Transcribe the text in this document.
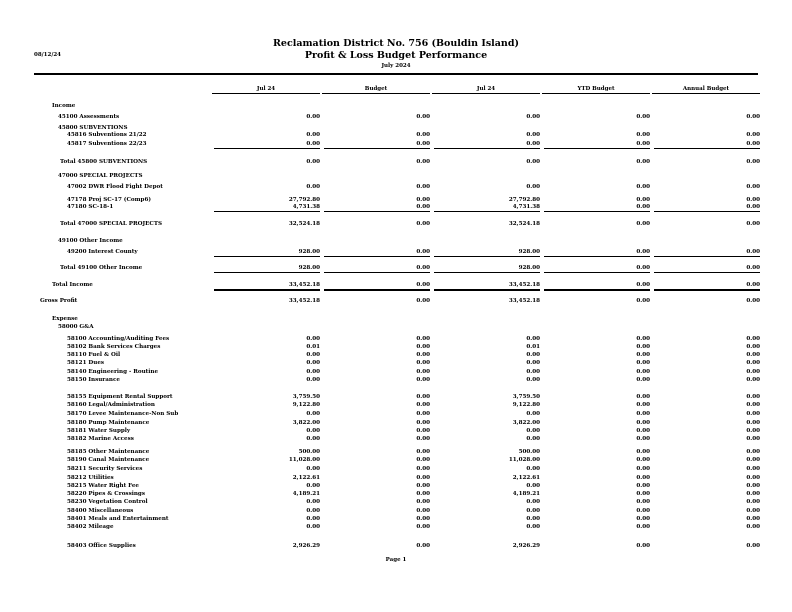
Reclamation District No. 756 (Bouldin Island)
08/12/24	Profit & Loss Budget Performance
July 2024
Jul 24	Budget	Jul 24	YTD Budget	Annual Budget
Income
45100 Assessments	0.00	0.00	0.00	0.00	0.00
45800 SUBVENTIONS
45816 Subventions 21/22	0.00	0.00	0.00	0.00	0.00
45817 Subventions 22/23	0.00	0.00	0.00	0.00	0.00
Total 45800 SUBVENTIONS	0.00	0.00	0.00	0.00	0.00
47000 SPECIAL PROJECTS
47002 DWR Flood Fight Depot	0.00	0.00	0.00	0.00	0.00
47178 Proj SC-17 (Comp6)	27,792.80	0.00	27,792.80	0.00	0.00
47180 SC-18-1	4,731.38	0.00	4,731.38	0.00	0.00
Total 47000 SPECIAL PROJECTS	32,524.18	0.00	32,524.18	0.00	0.00
49100 Other Income
49200 Interest County	928.00	0.00	928.00	0.00	0.00
Total 49100 Other Income	928.00	0.00	928.00	0.00	0.00
Total Income	33,452.18	0.00	33,452.18	0.00	0.00
Gross Profit	33,452.18	0.00	33,452.18	0.00	0.00
Expense
58000 G&A
58100 Accounting/Auditing Fees	0.00	0.00	0.00	0.00	0.00
58102 Bank Services Charges	0.01	0.00	0.01	0.00	0.00
58110 Fuel & Oil	0.00	0.00	0.00	0.00	0.00
58121 Dues	0.00	0.00	0.00	0.00	0.00
58140 Engineering - Routine	0.00	0.00	0.00	0.00	0.00
58150 Insurance	0.00	0.00	0.00	0.00	0.00
58155 Equipment Rental Support	3,759.50	0.00	3,759.50	0.00	0.00
58160 Legal/Administration	9,122.80	0.00	9,122.80	0.00	0.00
58170 Levee Maintenance-Non Sub	0.00	0.00	0.00	0.00	0.00
58180 Pump Maintenance	3,822.00	0.00	3,822.00	0.00	0.00
58181 Water Supply	0.00	0.00	0.00	0.00	0.00
58182 Marine Access	0.00	0.00	0.00	0.00	0.00
58185 Other Maintenance	500.00	0.00	500.00	0.00	0.00
58190 Canal Maintenance	11,028.00	0.00	11,028.00	0.00	0.00
58211 Security Services	0.00	0.00	0.00	0.00	0.00
58212 Utilities	2,122.61	0.00	2,122.61	0.00	0.00
58215 Water Right Fee	0.00	0.00	0.00	0.00	0.00
58220 Pipes & Crossings	4,189.21	0.00	4,189.21	0.00	0.00
58230 Vegetation Control	0.00	0.00	0.00	0.00	0.00
58400 Miscellaneous	0.00	0.00	0.00	0.00	0.00
58401 Meals and Entertainment	0.00	0.00	0.00	0.00	0.00
58402 Mileage	0.00	0.00	0.00	0.00	0.00
58403 Office Supplies	2,926.29	0.00	2,926.29	0.00	0.00
Page 1
